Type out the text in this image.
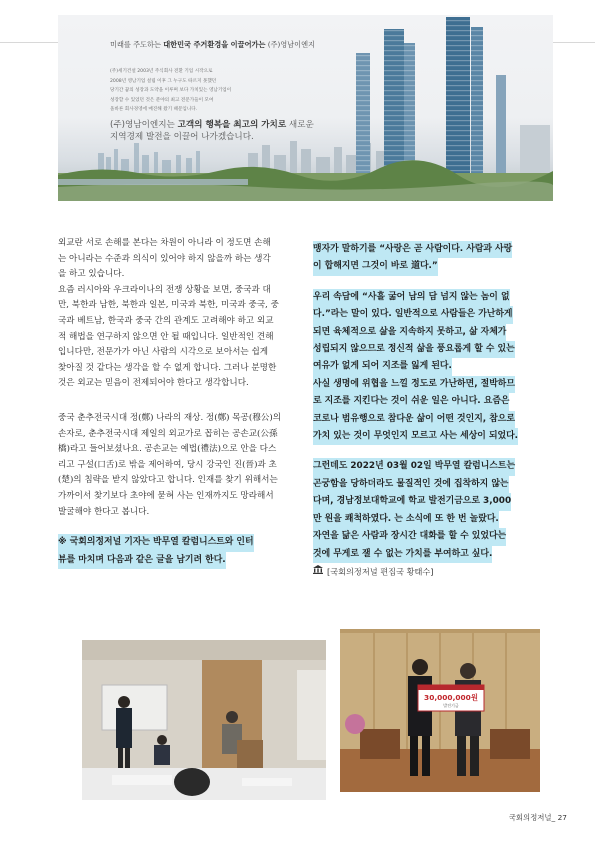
미래를 주도하는 대한민국 주거환경을 이끌어가는 (주)영남이엔지
(주)세기건설 2003년 주식회사 전환 기업 시작으로
2008년 영남기업 설립 이후 그 누구도 따르지 못했던
당기간 꿈의 성장과 도약을 이루며 보다 가치있는 영남기업이
성장할 수 있었던 것은 분야의 최고 전문가들이 모여
올바른 회사경영에 매진해 왔기 때문입니다.
(주)영남이엔지는 고객의 행복을 최고의 가치로 새로운
지역경제 발전을 이끌어 나가겠습니다.
외교란 서로 손해를 본다는 차원이 아니라 이 정도면 손해
는 아니라는 수준과 의식이 있어야 하지 않을까 하는 생각
을 하고 있습니다.
요즘 러시아와 우크라이나의 전쟁 상황을 보면, 중국과 대
만, 북한과 남한, 북한과 일본, 미국과 북한, 미국과 중국, 중
국과 베트남, 한국과 중국 간의 관계도 고려해야 하고 외교
적 해법을 연구하지 않으면 안 될 때입니다. 일반적인 견해
입니다만, 전문가가 아닌 사람의 시각으로 보아서는 쉽게
찾아질 것 같다는 생각을 할 수 없게 합니다. 그러나 분명한
것은 외교는 믿음이 전제되어야 한다고 생각합니다.
중국 춘추전국시대 정(鄭) 나라의 재상. 정(鄭) 목공(穆公)의
손자로, 춘추전국시대 제일의 외교가로 꼽히는 공손교(公孫
橋)라고 들어보셨나요. 공손교는 예법(禮法)으로 안을 다스
리고 구설(口舌)로 밖을 제어하여, 당시 강국인 진(晉)과 초
(楚)의 침략을 받지 않았다고 합니다. 인재를 찾기 위해서는
가까이서 찾기보다 초야에 묻혀 사는 인재까지도 망라해서
발굴해야 한다고 봅니다.
※ 국회의정저널 기자는 박무열 칼럼니스트와 인터
뷰를 마치며 다음과 같은 글을 남기려 한다.
맹자가 말하기를 “사랑은 곧 사람이다. 사람과 사랑
이 합해지면 그것이 바로 道다.”
우리 속담에 “사흘 굶어 남의 담 넘지 않는 놈이 없
다.”라는 말이 있다. 일반적으로 사람들은 가난하게
되면 육체적으로 삶을 지속하지 못하고, 삶 자체가
성립되지 않으므로 정신적 삶을 풍요롭게 할 수 있는
여유가 없게 되어 지조를 잃게 된다.
사실 생명에 위협을 느낄 정도로 가난하면, 절박하므
로 지조를 지킨다는 것이 쉬운 일은 아니다. 요즘은
코로나 범유행으로 참다운 삶이 어떤 것인지, 참으로
가치 있는 것이 무엇인지 모르고 사는 세상이 되었다.
그런데도 2022년 03월 02일 박무열 칼럼니스트는
곤궁함을 당하더라도 물질적인 것에 집착하지 않는
다며, 경남정보대학교에 학교 발전기금으로 3,000
만 원을 쾌척하였다. 는 소식에 또 한 번 놀랐다.
자연을 닮은 사람과 장시간 대화를 할 수 있었다는
것에 무게로 잴 수 없는 가치를 부여하고 싶다.
[국회의정저널 편집국 황태수]
30,000,000원
발전기금
국회의정저널_ 27
